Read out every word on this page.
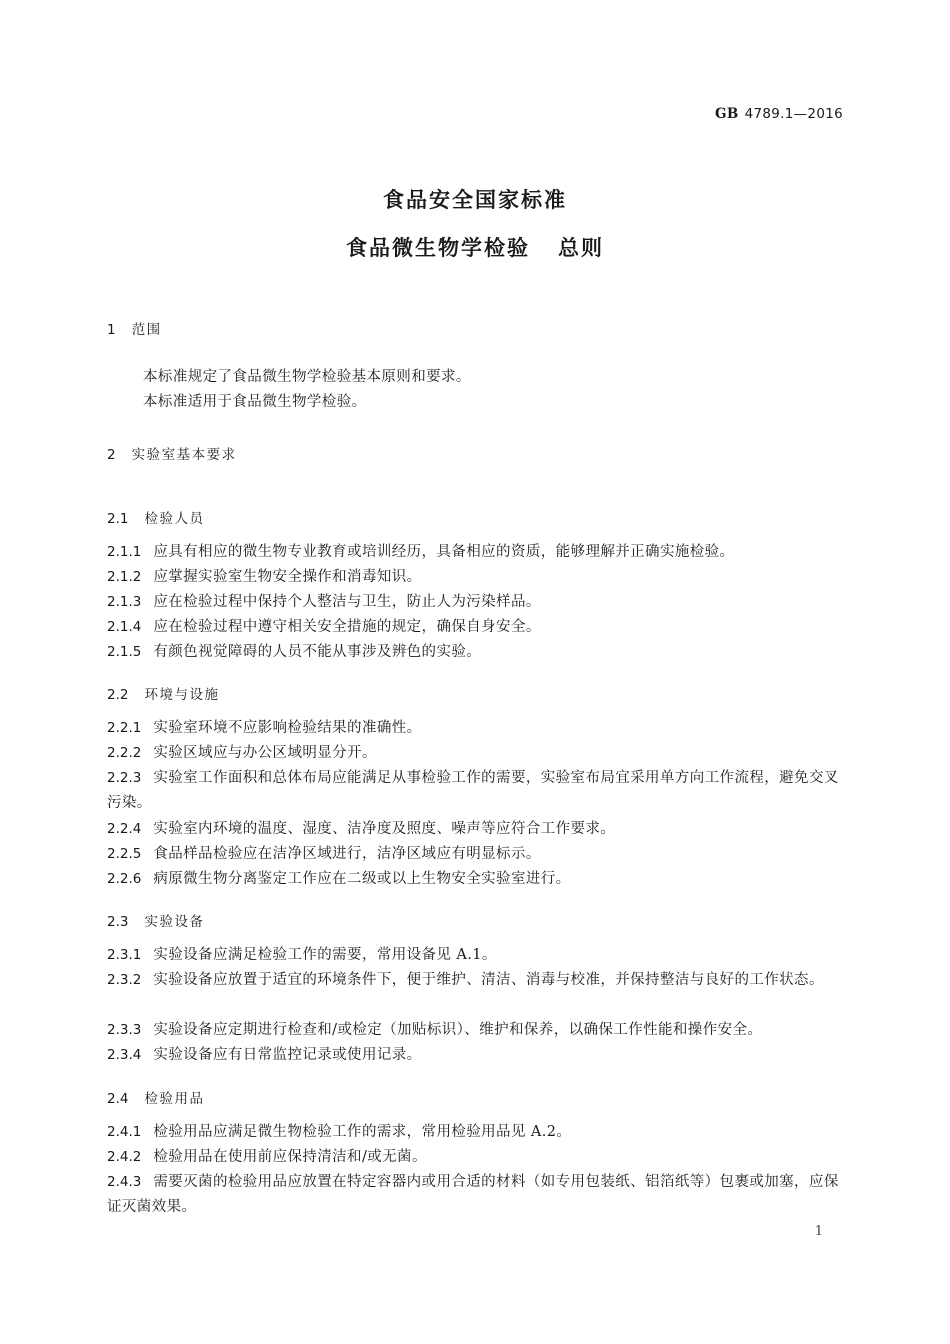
GB 4789.1—2016
食品安全国家标准
食品微生物学检验 总则
1 范围
本标准规定了食品微生物学检验基本原则和要求。
本标准适用于食品微生物学检验。
2 实验室基本要求
2.1 检验人员
2.1.1 应具有相应的微生物专业教育或培训经历，具备相应的资质，能够理解并正确实施检验。
2.1.2 应掌握实验室生物安全操作和消毒知识。
2.1.3 应在检验过程中保持个人整洁与卫生，防止人为污染样品。
2.1.4 应在检验过程中遵守相关安全措施的规定，确保自身安全。
2.1.5 有颜色视觉障碍的人员不能从事涉及辨色的实验。
2.2 环境与设施
2.2.1 实验室环境不应影响检验结果的准确性。
2.2.2 实验区域应与办公区域明显分开。
2.2.3 实验室工作面积和总体布局应能满足从事检验工作的需要，实验室布局宜采用单方向工作流程，避免交叉污染。
2.2.4 实验室内环境的温度、湿度、洁净度及照度、噪声等应符合工作要求。
2.2.5 食品样品检验应在洁净区域进行，洁净区域应有明显标示。
2.2.6 病原微生物分离鉴定工作应在二级或以上生物安全实验室进行。
2.3 实验设备
2.3.1 实验设备应满足检验工作的需要，常用设备见 A.1。
2.3.2 实验设备应放置于适宜的环境条件下，便于维护、清洁、消毒与校准，并保持整洁与良好的工作状态。
2.3.3 实验设备应定期进行检查和/或检定（加贴标识）、维护和保养，以确保工作性能和操作安全。
2.3.4 实验设备应有日常监控记录或使用记录。
2.4 检验用品
2.4.1 检验用品应满足微生物检验工作的需求，常用检验用品见 A.2。
2.4.2 检验用品在使用前应保持清洁和/或无菌。
2.4.3 需要灭菌的检验用品应放置在特定容器内或用合适的材料（如专用包装纸、铝箔纸等）包裹或加塞，应保证灭菌效果。
1
